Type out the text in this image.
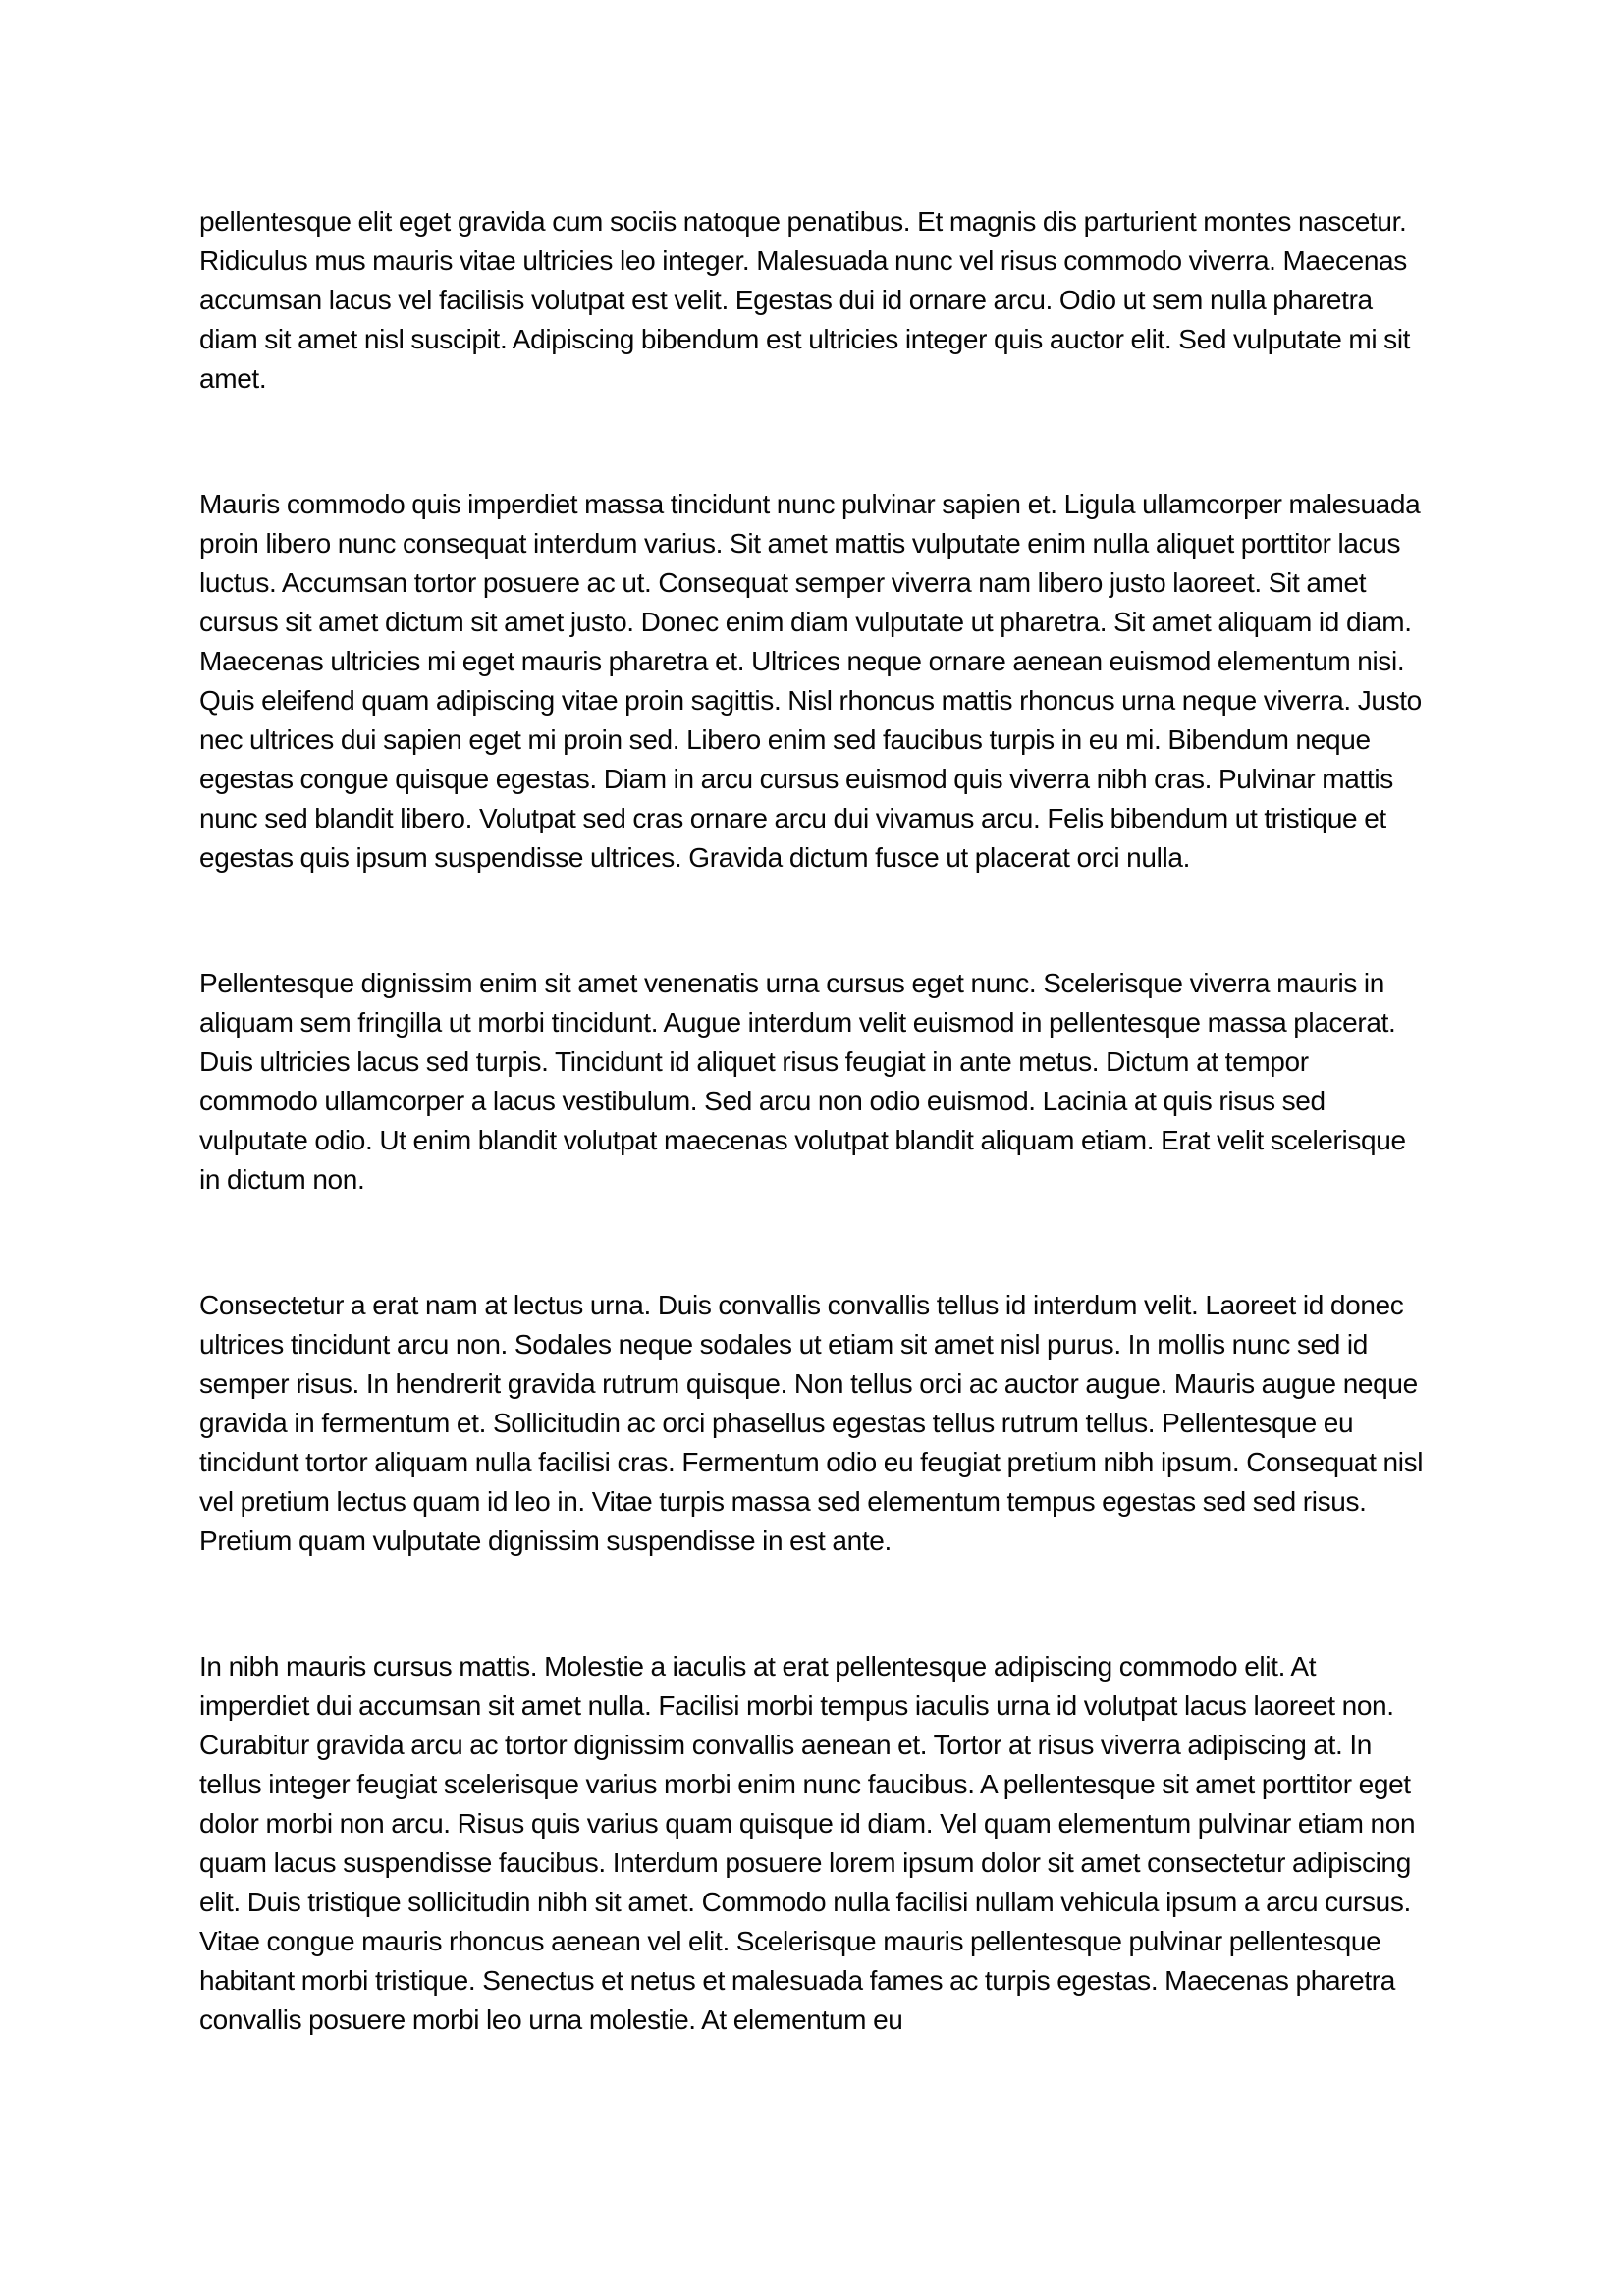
pellentesque elit eget gravida cum sociis natoque penatibus. Et magnis dis parturient montes nascetur. Ridiculus mus mauris vitae ultricies leo integer. Malesuada nunc vel risus commodo viverra. Maecenas accumsan lacus vel facilisis volutpat est velit. Egestas dui id ornare arcu. Odio ut sem nulla pharetra diam sit amet nisl suscipit. Adipiscing bibendum est ultricies integer quis auctor elit. Sed vulputate mi sit amet.

Mauris commodo quis imperdiet massa tincidunt nunc pulvinar sapien et. Ligula ullamcorper malesuada proin libero nunc consequat interdum varius. Sit amet mattis vulputate enim nulla aliquet porttitor lacus luctus. Accumsan tortor posuere ac ut. Consequat semper viverra nam libero justo laoreet. Sit amet cursus sit amet dictum sit amet justo. Donec enim diam vulputate ut pharetra. Sit amet aliquam id diam. Maecenas ultricies mi eget mauris pharetra et. Ultrices neque ornare aenean euismod elementum nisi. Quis eleifend quam adipiscing vitae proin sagittis. Nisl rhoncus mattis rhoncus urna neque viverra. Justo nec ultrices dui sapien eget mi proin sed. Libero enim sed faucibus turpis in eu mi. Bibendum neque egestas congue quisque egestas. Diam in arcu cursus euismod quis viverra nibh cras. Pulvinar mattis nunc sed blandit libero. Volutpat sed cras ornare arcu dui vivamus arcu. Felis bibendum ut tristique et egestas quis ipsum suspendisse ultrices. Gravida dictum fusce ut placerat orci nulla.

Pellentesque dignissim enim sit amet venenatis urna cursus eget nunc. Scelerisque viverra mauris in aliquam sem fringilla ut morbi tincidunt. Augue interdum velit euismod in pellentesque massa placerat. Duis ultricies lacus sed turpis. Tincidunt id aliquet risus feugiat in ante metus. Dictum at tempor commodo ullamcorper a lacus vestibulum. Sed arcu non odio euismod. Lacinia at quis risus sed vulputate odio. Ut enim blandit volutpat maecenas volutpat blandit aliquam etiam. Erat velit scelerisque in dictum non.

Consectetur a erat nam at lectus urna. Duis convallis convallis tellus id interdum velit. Laoreet id donec ultrices tincidunt arcu non. Sodales neque sodales ut etiam sit amet nisl purus. In mollis nunc sed id semper risus. In hendrerit gravida rutrum quisque. Non tellus orci ac auctor augue. Mauris augue neque gravida in fermentum et. Sollicitudin ac orci phasellus egestas tellus rutrum tellus. Pellentesque eu tincidunt tortor aliquam nulla facilisi cras. Fermentum odio eu feugiat pretium nibh ipsum. Consequat nisl vel pretium lectus quam id leo in. Vitae turpis massa sed elementum tempus egestas sed sed risus. Pretium quam vulputate dignissim suspendisse in est ante.

In nibh mauris cursus mattis. Molestie a iaculis at erat pellentesque adipiscing commodo elit. At imperdiet dui accumsan sit amet nulla. Facilisi morbi tempus iaculis urna id volutpat lacus laoreet non. Curabitur gravida arcu ac tortor dignissim convallis aenean et. Tortor at risus viverra adipiscing at. In tellus integer feugiat scelerisque varius morbi enim nunc faucibus. A pellentesque sit amet porttitor eget dolor morbi non arcu. Risus quis varius quam quisque id diam. Vel quam elementum pulvinar etiam non quam lacus suspendisse faucibus. Interdum posuere lorem ipsum dolor sit amet consectetur adipiscing elit. Duis tristique sollicitudin nibh sit amet. Commodo nulla facilisi nullam vehicula ipsum a arcu cursus. Vitae congue mauris rhoncus aenean vel elit. Scelerisque mauris pellentesque pulvinar pellentesque habitant morbi tristique. Senectus et netus et malesuada fames ac turpis egestas. Maecenas pharetra convallis posuere morbi leo urna molestie. At elementum eu
